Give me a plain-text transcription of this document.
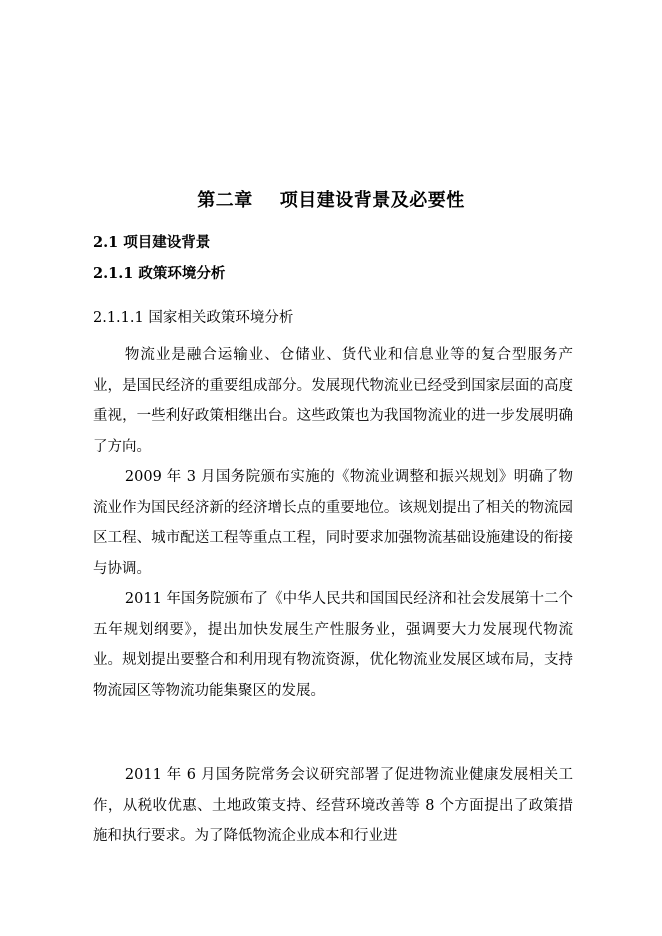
第二章    项目建设背景及必要性
2.1 项目建设背景
2.1.1 政策环境分析
2.1.1.1 国家相关政策环境分析

物流业是融合运输业、仓储业、货代业和信息业等的复合型服务产业，是国民经济的重要组成部分。发展现代物流业已经受到国家层面的高度重视，一些利好政策相继出台。这些政策也为我国物流业的进一步发展明确了方向。

2009 年 3 月国务院颁布实施的《物流业调整和振兴规划》明确了物流业作为国民经济新的经济增长点的重要地位。该规划提出了相关的物流园区工程、城市配送工程等重点工程，同时要求加强物流基础设施建设的衔接与协调。

2011 年国务院颁布了《中华人民共和国国民经济和社会发展第十二个五年规划纲要》，提出加快发展生产性服务业，强调要大力发展现代物流业。规划提出要整合和利用现有物流资源，优化物流业发展区域布局，支持物流园区等物流功能集聚区的发展。

2011 年 6 月国务院常务会议研究部署了促进物流业健康发展相关工作，从税收优惠、土地政策支持、经营环境改善等 8 个方面提出了政策措施和执行要求。为了降低物流企业成本和行业进
